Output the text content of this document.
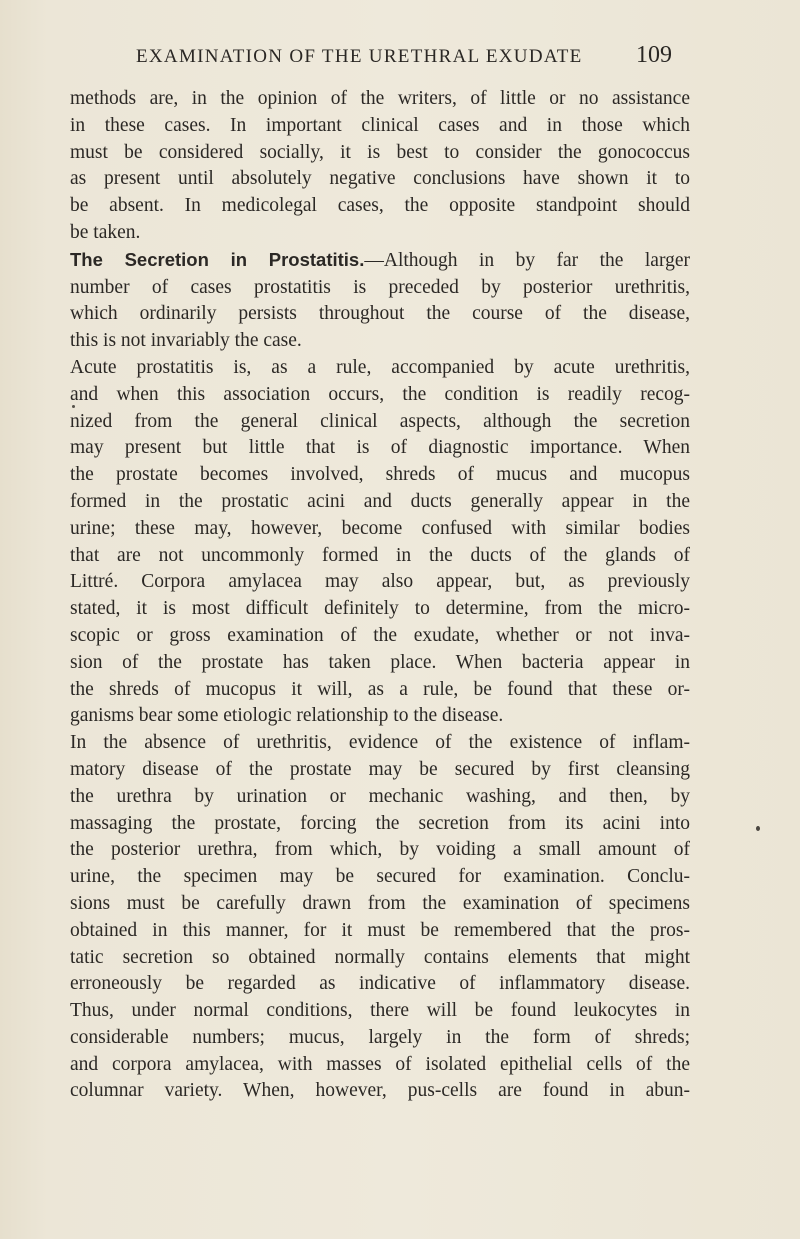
EXAMINATION OF THE URETHRAL EXUDATE	109
methods are, in the opinion of the writers, of little or no assistance
in these cases. In important clinical cases and in those which
must be considered socially, it is best to consider the gonococcus
as present until absolutely negative conclusions have shown it to
be absent. In medicolegal cases, the opposite standpoint should
be taken.
The Secretion in Prostatitis.—Although in by far the larger
number of cases prostatitis is preceded by posterior urethritis,
which ordinarily persists throughout the course of the disease,
this is not invariably the case.
Acute prostatitis is, as a rule, accompanied by acute urethritis,
and when this association occurs, the condition is readily recog-
nized from the general clinical aspects, although the secretion
may present but little that is of diagnostic importance. When
the prostate becomes involved, shreds of mucus and mucopus
formed in the prostatic acini and ducts generally appear in the
urine; these may, however, become confused with similar bodies
that are not uncommonly formed in the ducts of the glands of
Littré. Corpora amylacea may also appear, but, as previously
stated, it is most difficult definitely to determine, from the micro-
scopic or gross examination of the exudate, whether or not inva-
sion of the prostate has taken place. When bacteria appear in
the shreds of mucopus it will, as a rule, be found that these or-
ganisms bear some etiologic relationship to the disease.
In the absence of urethritis, evidence of the existence of inflam-
matory disease of the prostate may be secured by first cleansing
the urethra by urination or mechanic washing, and then, by
massaging the prostate, forcing the secretion from its acini into
the posterior urethra, from which, by voiding a small amount of
urine, the specimen may be secured for examination. Conclu-
sions must be carefully drawn from the examination of specimens
obtained in this manner, for it must be remembered that the pros-
tatic secretion so obtained normally contains elements that might
erroneously be regarded as indicative of inflammatory disease.
Thus, under normal conditions, there will be found leukocytes in
considerable numbers; mucus, largely in the form of shreds;
and corpora amylacea, with masses of isolated epithelial cells of the
columnar variety. When, however, pus-cells are found in abun-
